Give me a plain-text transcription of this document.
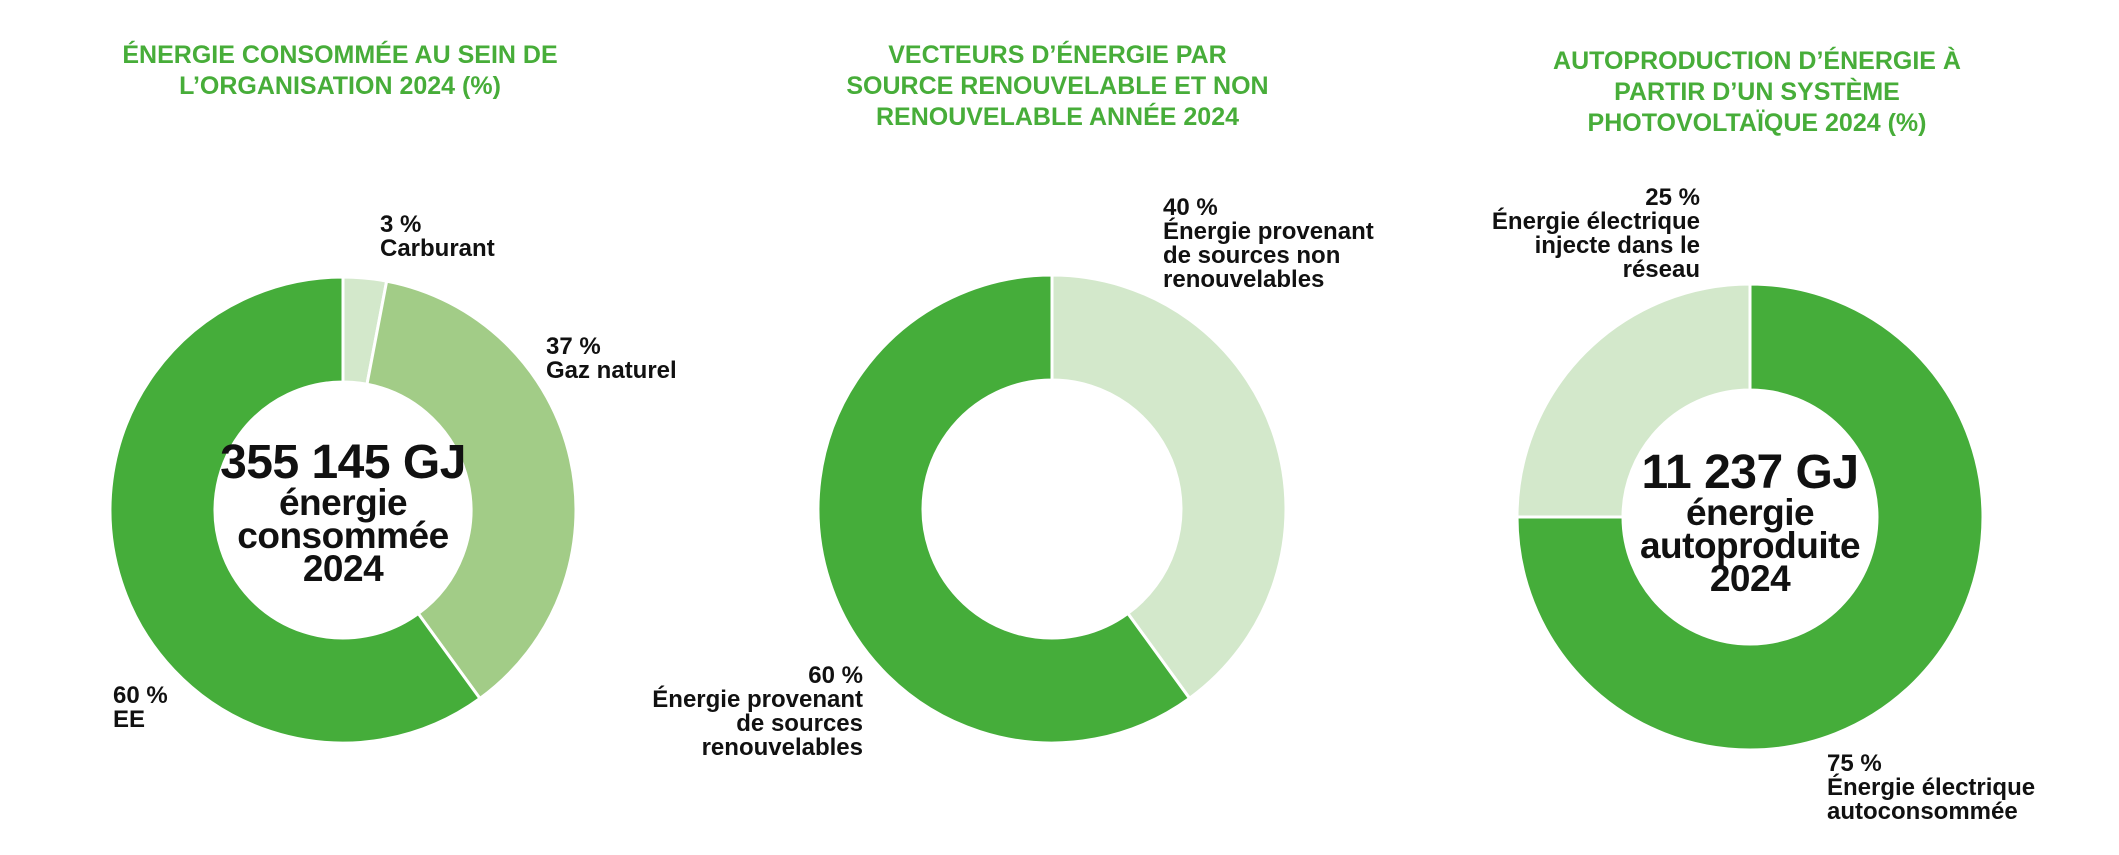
ÉNERGIE CONSOMMÉE AU SEIN DE
L’ORGANISATION 2024 (%)
355 145 GJ
énergie
consommée
2024
3 %
Carburant
37 %
Gaz naturel
60 %
EE
VECTEURS D’ÉNERGIE PAR
SOURCE RENOUVELABLE ET NON
RENOUVELABLE ANNÉE 2024
40 %
Énergie provenant
de sources non
renouvelables
60 %
Énergie provenant
de sources
renouvelables
AUTOPRODUCTION D’ÉNERGIE À
PARTIR D’UN SYSTÈME
PHOTOVOLTAÏQUE 2024 (%)
11 237 GJ
énergie
autoproduite
2024
75 %
Énergie électrique
autoconsommée
25 %
Énergie électrique
injecte dans le
réseau
